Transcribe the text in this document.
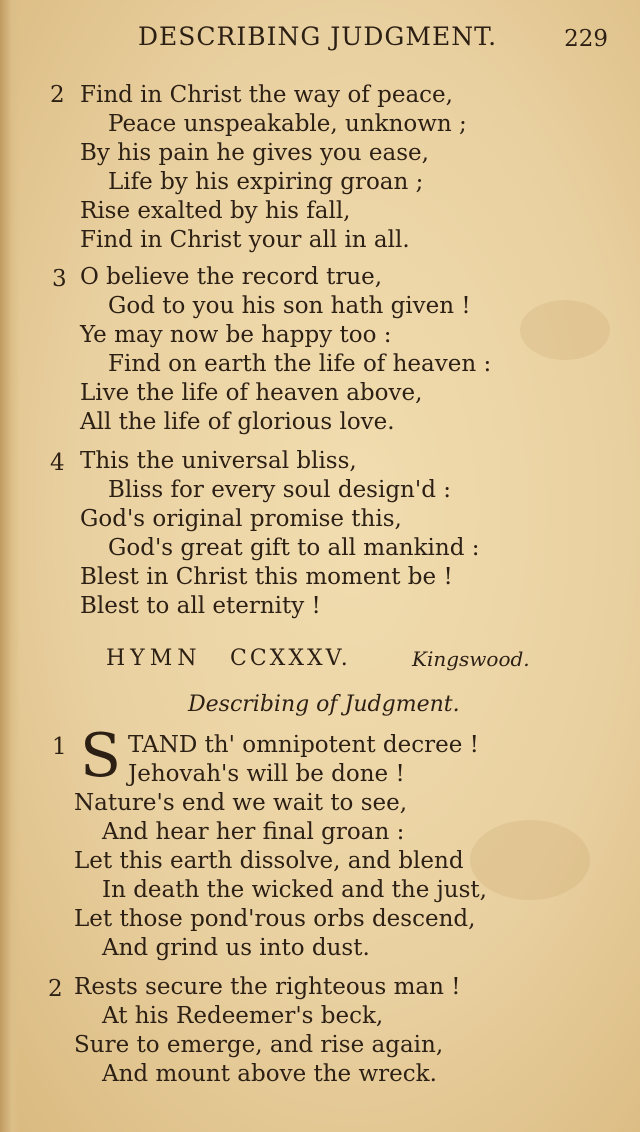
DESCRIBING JUDGMENT.	229
2 Find in Christ the way of peace,
Peace unspeakable, unknown ;
By his pain he gives you ease,
Life by his expiring groan ;
Rise exalted by his fall,
Find in Christ your all in all.
3 O believe the record true,
God to you his son hath given !
Ye may now be happy too :
Find on earth the life of heaven :
Live the life of heaven above,
All the life of glorious love.
4 This the universal bliss,
Bliss for every soul design'd :
God's original promise this,
God's great gift to all mankind :
Blest in Christ this moment be !
Blest to all eternity !
HYMN CCXXXV.	Kingswood.
Describing of Judgment.
1 S TAND th' omnipotent decree !
Jehovah's will be done !
Nature's end we wait to see,
And hear her final groan :
Let this earth dissolve, and blend
In death the wicked and the just,
Let those pond'rous orbs descend,
And grind us into dust.
2 Rests secure the righteous man !
At his Redeemer's beck,
Sure to emerge, and rise again,
And mount above the wreck.
